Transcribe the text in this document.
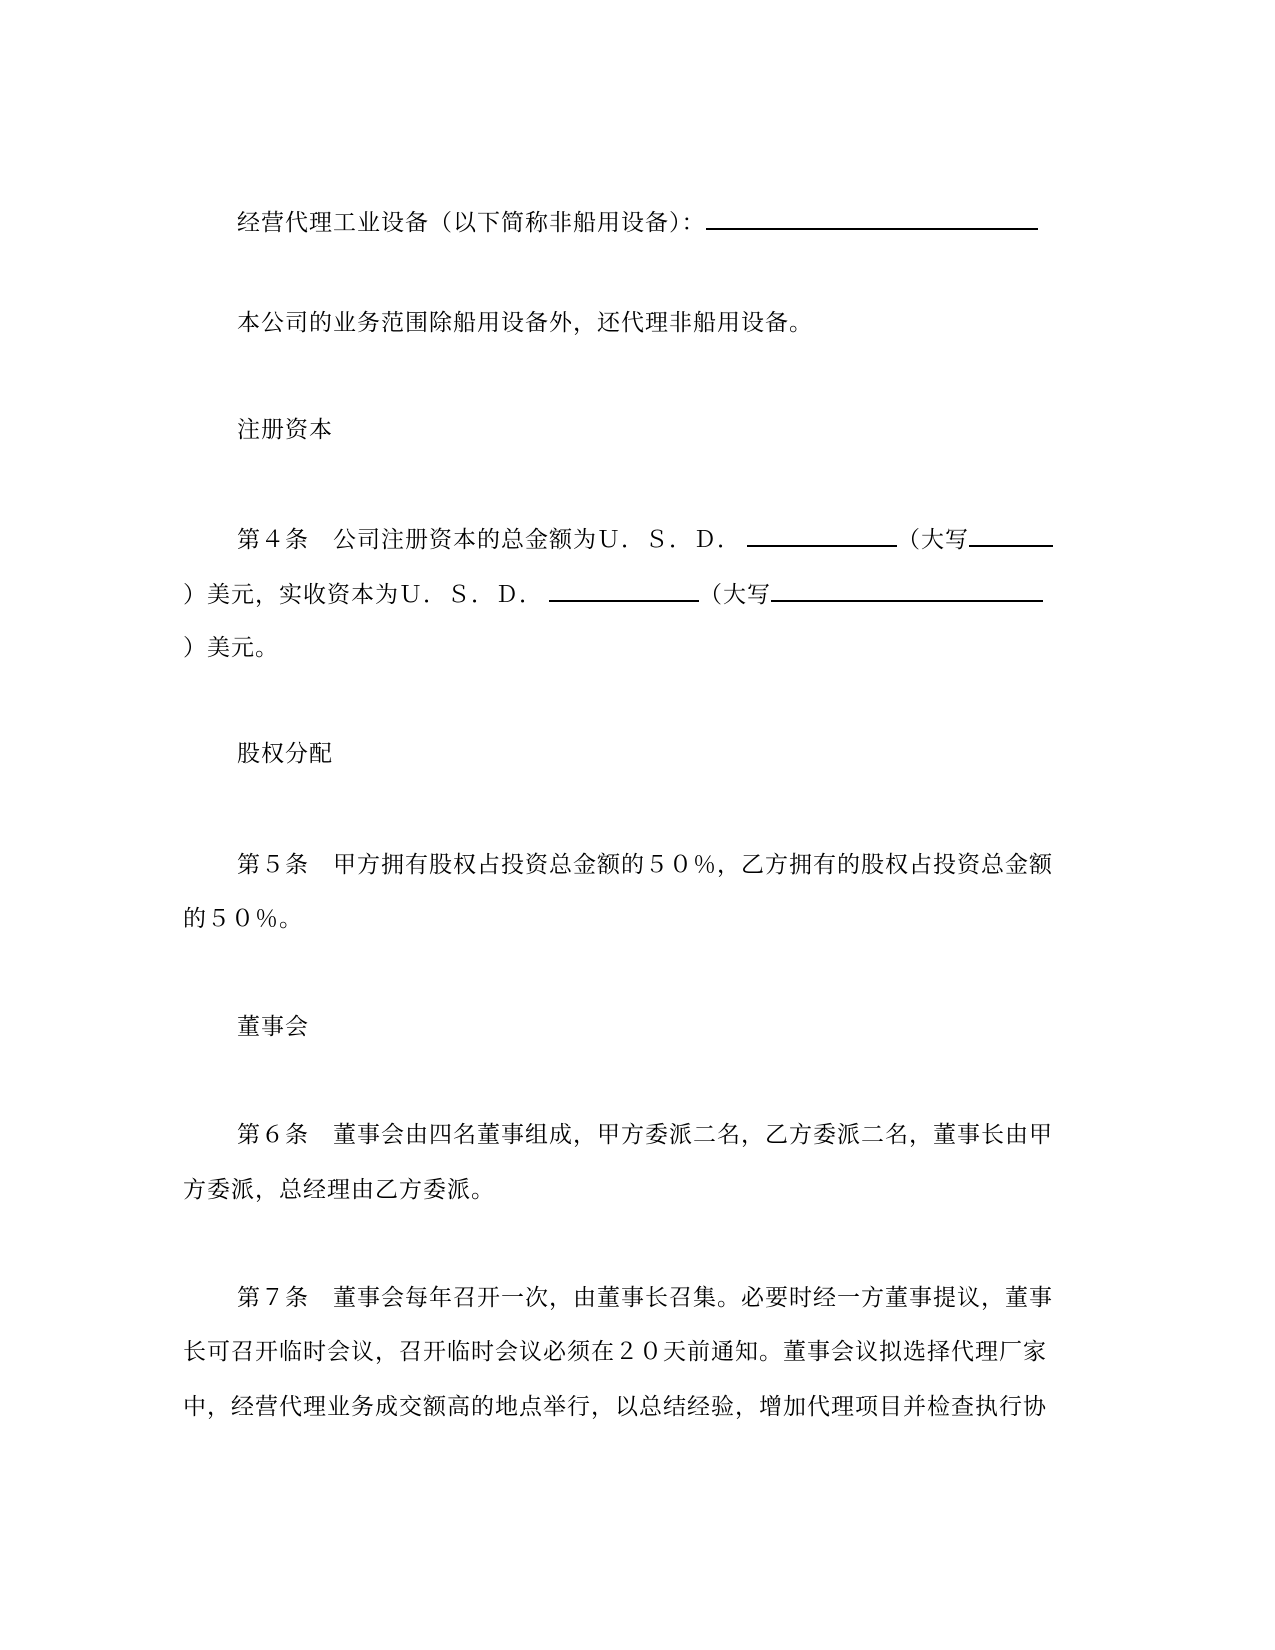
经营代理工业设备（以下简称非船用设备）：
本公司的业务范围除船用设备外，还代理非船用设备。
注册资本
第４条　公司注册资本的总金额为Ｕ．Ｓ．Ｄ．	（大写
）美元，实收资本为Ｕ．Ｓ．Ｄ．	（大写
）美元。
股权分配
第５条　甲方拥有股权占投资总金额的５０％，乙方拥有的股权占投资总金额
的５０％。
董事会
第６条　董事会由四名董事组成，甲方委派二名，乙方委派二名，董事长由甲
方委派，总经理由乙方委派。
第７条　董事会每年召开一次，由董事长召集。必要时经一方董事提议，董事
长可召开临时会议，召开临时会议必须在２０天前通知。董事会议拟选择代理厂家
中，经营代理业务成交额高的地点举行，以总结经验，增加代理项目并检查执行协
